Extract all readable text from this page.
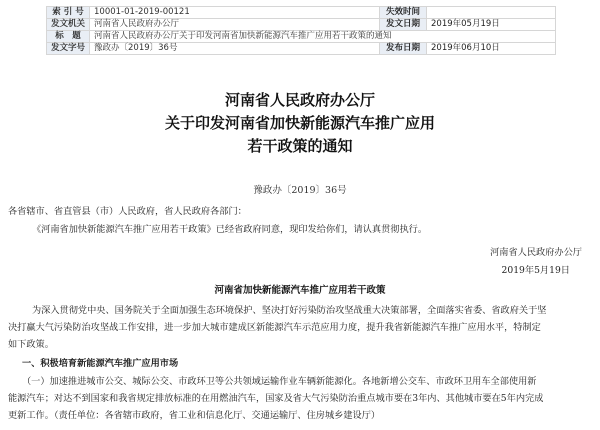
索 引 号	10001-01-2019-00121	失效时间	
发文机关	河南省人民政府办公厅	发文日期	2019年05月19日
标　题	河南省人民政府办公厅关于印发河南省加快新能源汽车推广应用若干政策的通知		
发文字号	豫政办〔2019〕36号	发布日期	2019年06月10日
河南省人民政府办公厅
关于印发河南省加快新能源汽车推广应用
若干政策的通知
豫政办〔2019〕36号
各省辖市、省直管县（市）人民政府，省人民政府各部门：
《河南省加快新能源汽车推广应用若干政策》已经省政府同意，现印发给你们，请认真贯彻执行。
河南省人民政府办公厅
2019年5月19日
河南省加快新能源汽车推广应用若干政策
为深入贯彻党中央、国务院关于全面加强生态环境保护、坚决打好污染防治攻坚战重大决策部署，全面落实省委、省政府关于坚
决打赢大气污染防治攻坚战工作安排，进一步加大城市建成区新能源汽车示范应用力度，提升我省新能源汽车推广应用水平，特制定
如下政策。
一、积极培育新能源汽车推广应用市场
（一）加速推进城市公交、城际公交、市政环卫等公共领域运输作业车辆新能源化。各地新增公交车、市政环卫用车全部使用新
能源汽车；对达不到国家和我省规定排放标准的在用燃油汽车，国家及省大气污染防治重点城市要在3年内、其他城市要在5年内完成
更新工作。（责任单位：各省辖市政府，省工业和信息化厅、交通运输厅、住房城乡建设厅）
